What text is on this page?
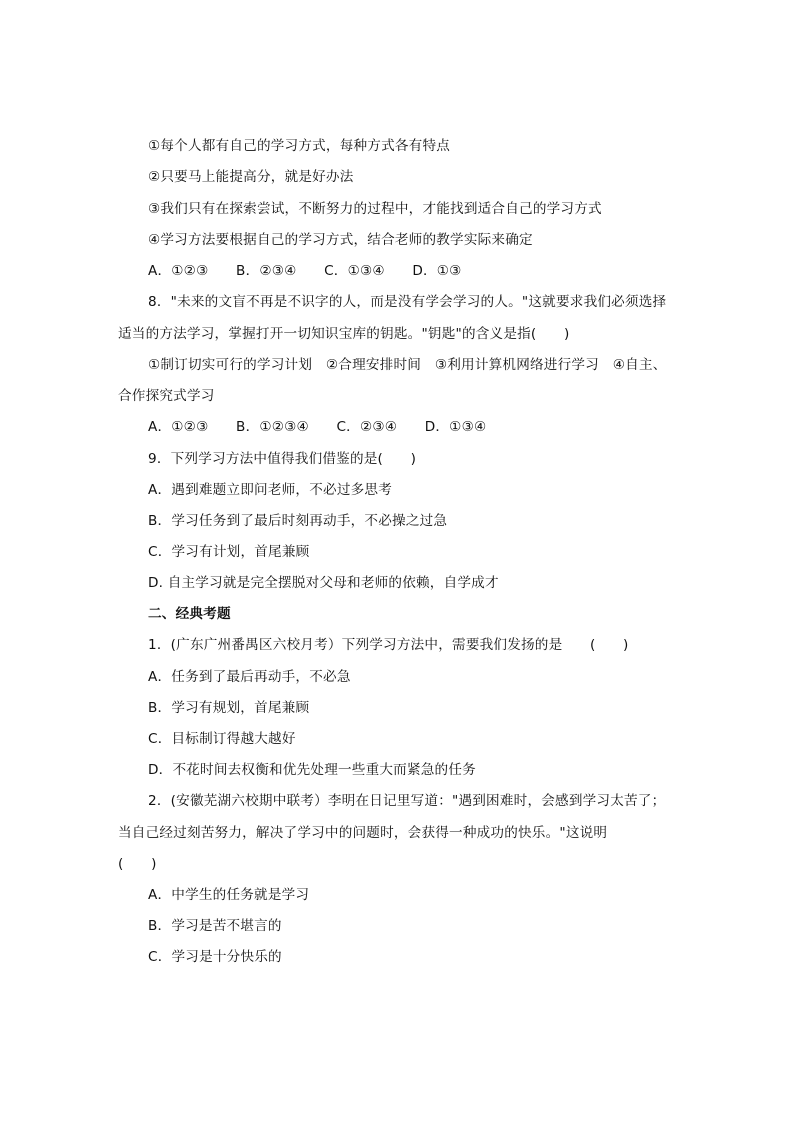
①每个人都有自己的学习方式，每种方式各有特点
②只要马上能提高分，就是好办法
③我们只有在探索尝试，不断努力的过程中，才能找到适合自己的学习方式
④学习方法要根据自己的学习方式，结合老师的教学实际来确定
A．①②③　　B．②③④　　C．①③④　　D．①③
8．"未来的文盲不再是不识字的人，而是没有学会学习的人。"这就要求我们必须选择
适当的方法学习，掌握打开一切知识宝库的钥匙。"钥匙"的含义是指(　　)
①制订切实可行的学习计划　②合理安排时间　③利用计算机网络进行学习　④自主、
合作探究式学习
A．①②③　　B．①②③④　　C．②③④　　D．①③④
9．下列学习方法中值得我们借鉴的是(　　)
A．遇到难题立即问老师，不必过多思考
B．学习任务到了最后时刻再动手，不必操之过急
C．学习有计划，首尾兼顾
D. 自主学习就是完全摆脱对父母和老师的依赖，自学成才
二、经典考题
1．(广东广州番禺区六校月考）下列学习方法中，需要我们发扬的是　　(　　)
A．任务到了最后再动手，不必急
B．学习有规划，首尾兼顾
C．目标制订得越大越好
D．不花时间去权衡和优先处理一些重大而紧急的任务
2．(安徽芜湖六校期中联考）李明在日记里写道："遇到困难时，会感到学习太苦了；
当自己经过刻苦努力，解决了学习中的问题时，会获得一种成功的快乐。"这说明
(　　)
A．中学生的任务就是学习
B．学习是苦不堪言的
C．学习是十分快乐的
